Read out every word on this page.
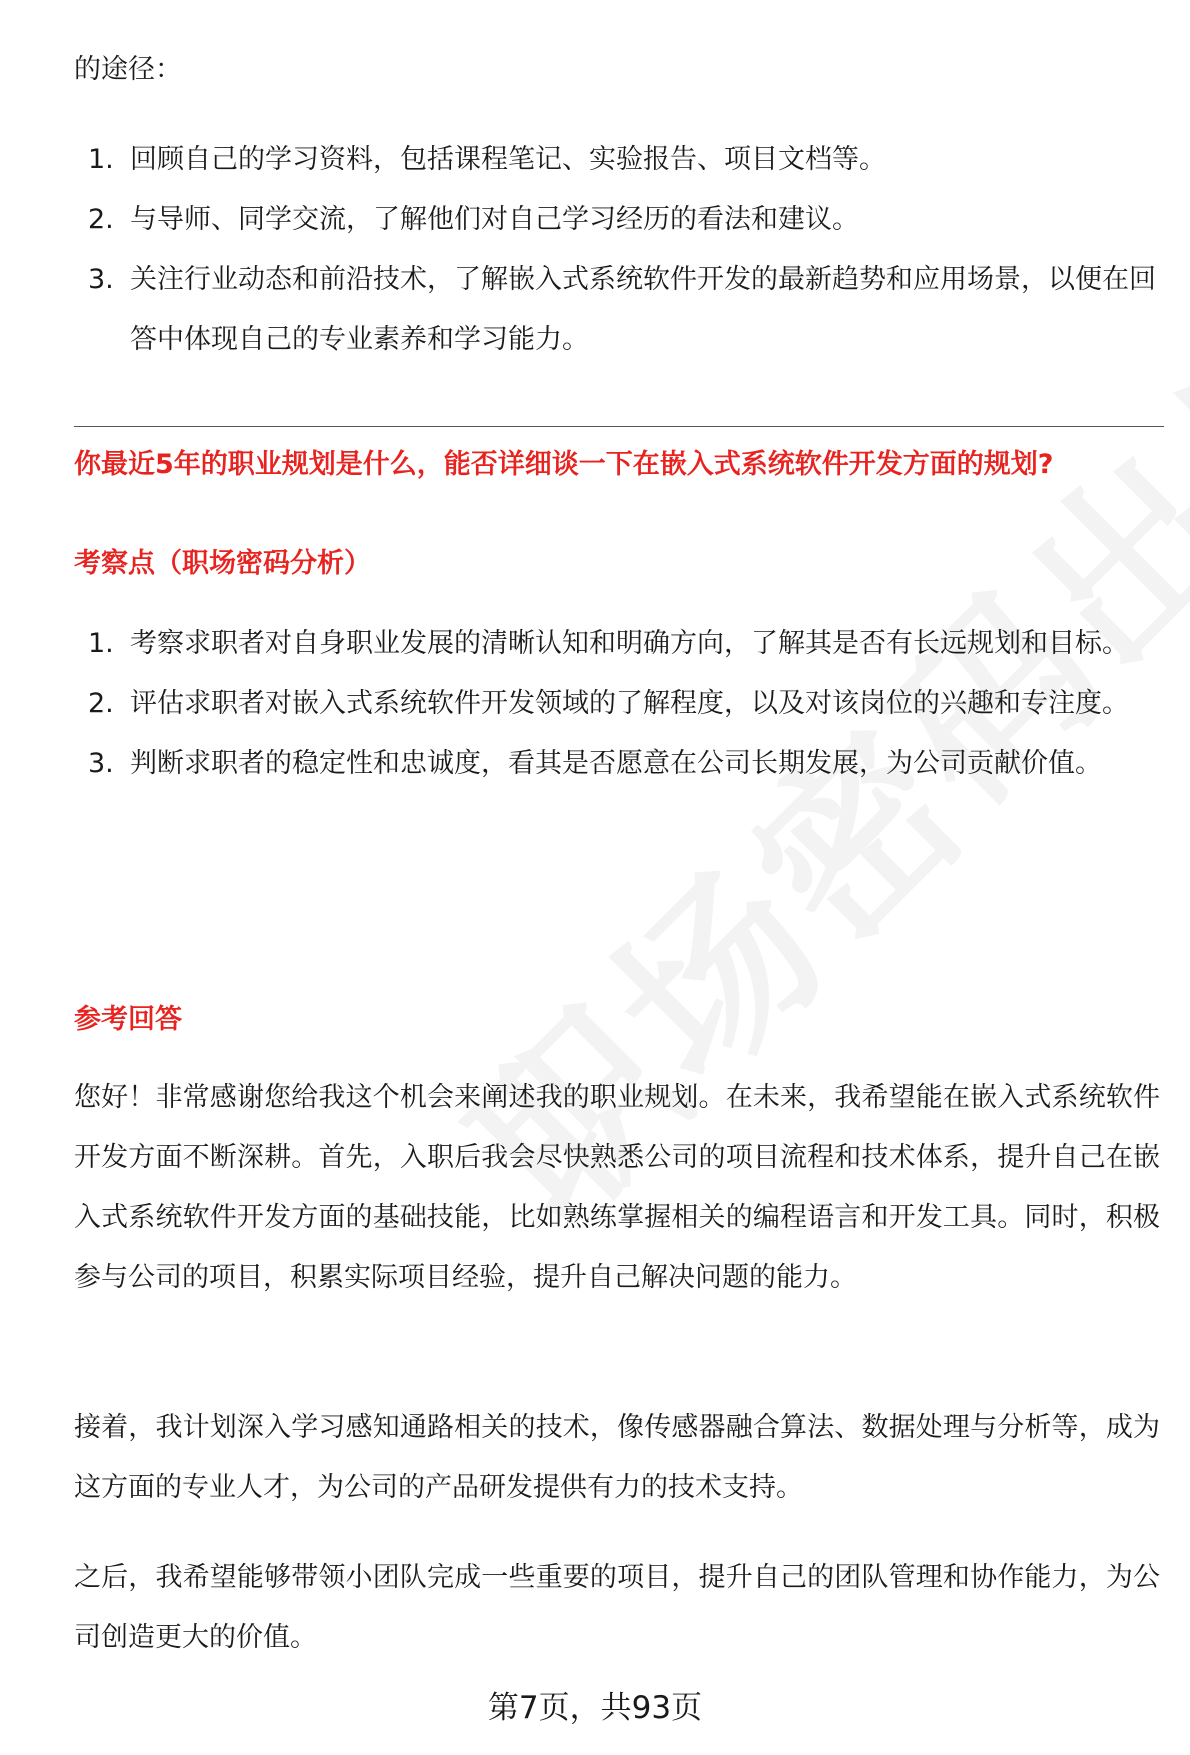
的途径：
1. 回顾自己的学习资料，包括课程笔记、实验报告、项目文档等。
2. 与导师、同学交流，了解他们对自己学习经历的看法和建议。
3. 关注行业动态和前沿技术，了解嵌入式系统软件开发的最新趋势和应用场景，以便在回答中体现自己的专业素养和学习能力。
你最近5年的职业规划是什么，能否详细谈一下在嵌入式系统软件开发方面的规划?
考察点（职场密码分析）
1. 考察求职者对自身职业发展的清晰认知和明确方向，了解其是否有长远规划和目标。
2. 评估求职者对嵌入式系统软件开发领域的了解程度，以及对该岗位的兴趣和专注度。
3. 判断求职者的稳定性和忠诚度，看其是否愿意在公司长期发展，为公司贡献价值。
参考回答
您好！非常感谢您给我这个机会来阐述我的职业规划。在未来，我希望能在嵌入式系统软件开发方面不断深耕。首先，入职后我会尽快熟悉公司的项目流程和技术体系，提升自己在嵌入式系统软件开发方面的基础技能，比如熟练掌握相关的编程语言和开发工具。同时，积极参与公司的项目，积累实际项目经验，提升自己解决问题的能力。
接着，我计划深入学习感知通路相关的技术，像传感器融合算法、数据处理与分析等，成为这方面的专业人才，为公司的产品研发提供有力的技术支持。
之后，我希望能够带领小团队完成一些重要的项目，提升自己的团队管理和协作能力，为公司创造更大的价值。
第7页，共93页
